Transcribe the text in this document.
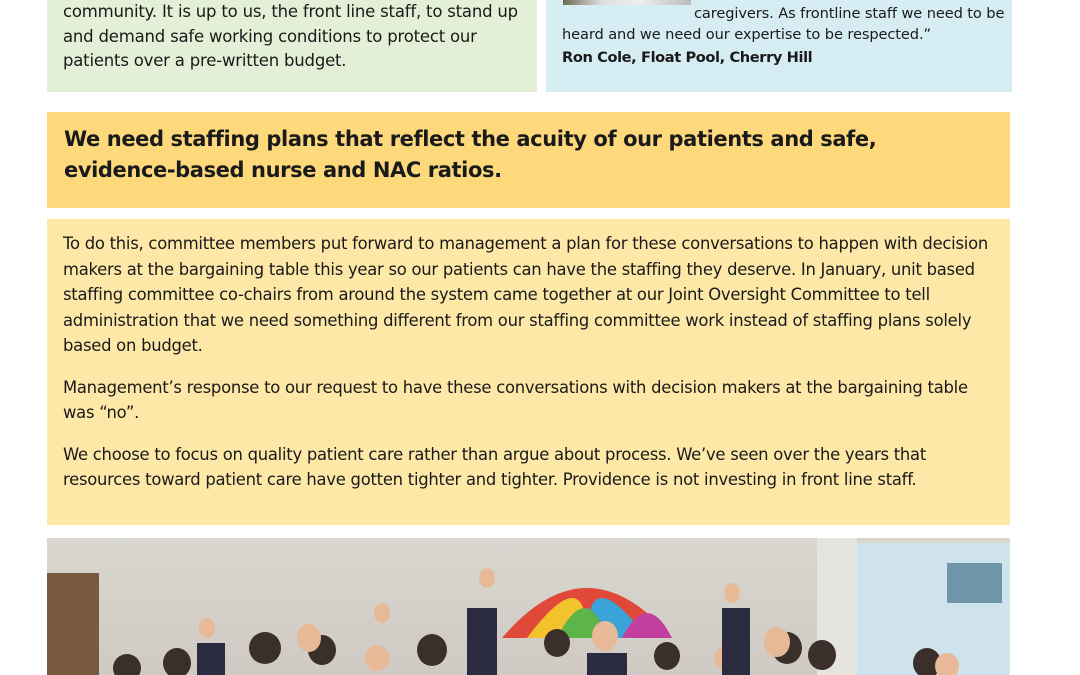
community. It is up to us, the front line staff, to stand up and demand safe working conditions to protect our patients over a pre-written budget.

caregivers. As frontline staff we need to be
heard and we need our expertise to be respected.”
Ron Cole, Float Pool, Cherry Hill
We need staffing plans that reflect the acuity of our patients and safe, evidence-based nurse and NAC ratios.

To do this, committee members put forward to management a plan for these conversations to happen with decision makers at the bargaining table this year so our patients can have the staffing they deserve. In January, unit based staffing committee co-chairs from around the system came together at our Joint Oversight Committee to tell administration that we need something different from our staffing committee work instead of staffing plans solely based on budget.

Management’s response to our request to have these conversations with decision makers at the bargaining table was “no”.

We choose to focus on quality patient care rather than argue about process. We’ve seen over the years that resources toward patient care have gotten tighter and tighter. Providence is not investing in front line staff.
